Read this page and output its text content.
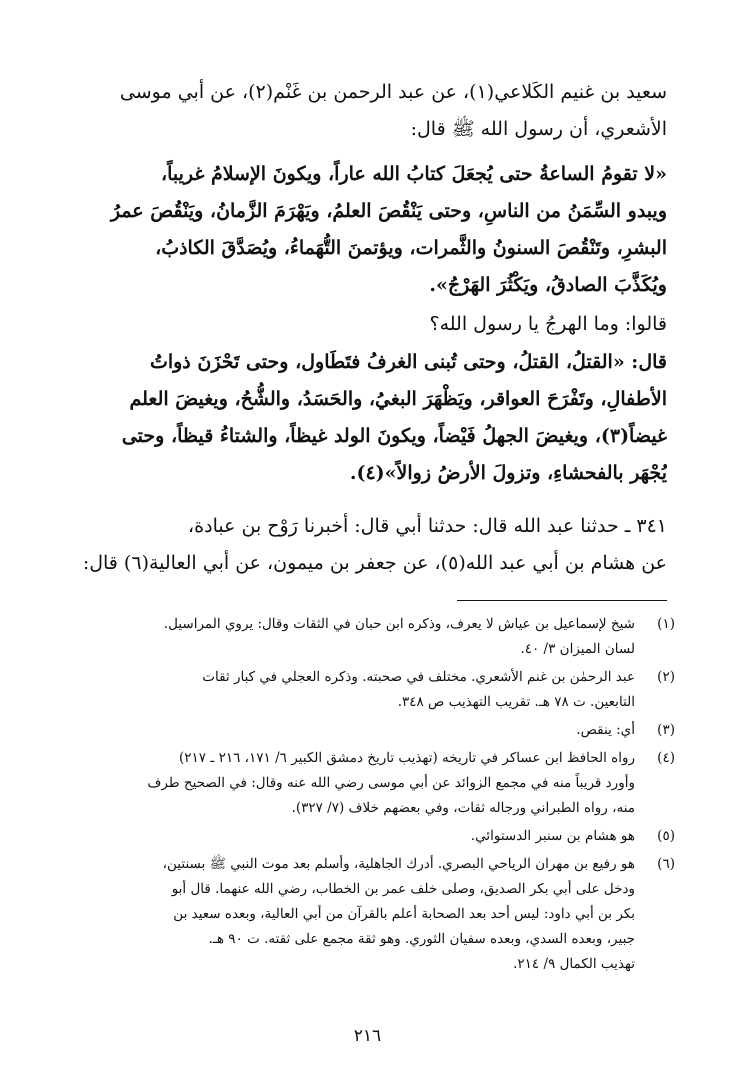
سعيد بن غنيم الكَلاعي(١)، عن عبد الرحمن بن غَنْم(٢)، عن أبي موسى
الأشعري، أن رسول الله ﷺ قال:
«لا تقومُ الساعةُ حتى يُجعَلَ كتابُ الله عاراً، ويكونَ الإسلامُ غريباً،
ويبدو السِّمَنُ من الناسِ، وحتى يَنْقُصَ العلمُ، ويَهْرَمَ الزَّمانُ، ويَنْقُصَ عمرُ
البشرِ، وتَنْقُصَ السنونُ والثَّمرات، ويؤتمنَ التُّهَماءُ، ويُصَدَّقَ الكاذبُ،
ويُكَذَّبَ الصادقُ، ويَكْثُرَ الهَرْجُ».
قالوا: وما الهرجُ يا رسول الله؟
قال: «القتلُ، القتلُ، وحتى تُبنى الغرفُ فتَطَاول، وحتى تَحْزَنَ ذواتُ
الأطفالِ، وتَفْرَحَ العواقر، ويَظْهَرَ البغيُ، والحَسَدُ، والشُّحُ، ويغيضَ العلم
غيضاً(٣)، ويغيضَ الجهلُ فَيْضاً، ويكونَ الولد غيظاً، والشتاءُ قيظاً، وحتى
يُجْهَر بالفحشاءِ، وتزولَ الأرضُ زوالاً»(٤).
٣٤١ ـ حدثنا عبد الله قال: حدثنا أبي قال: أخبرنا رَوْح بن عبادة،
عن هشام بن أبي عبد الله(٥)، عن جعفر بن ميمون، عن أبي العالية(٦) قال:
(١)
شيخ لإسماعيل بن عياش لا يعرف، وذكره ابن حبان في الثقات وقال: يروي المراسيل.
لسان الميزان ٣/ ٤٠.
(٢)
عبد الرحمٰن بن غنم الأشعري. مختلف في صحبته. وذكره العجلي في كبار ثقات
التابعين. ت ٧٨ هـ. تقريب التهذيب ص ٣٤٨.
(٣)
أي: ينقص.
(٤)
رواه الحافظ ابن عساكر في تاريخه (تهذيب تاريخ دمشق الكبير ٦/ ١٧١، ٢١٦ ـ ٢١٧)
وأورد قريباً منه في مجمع الزوائد عن أبي موسى رضي الله عنه وقال: في الصحيح طرف
منه، رواه الطبراني ورجاله ثقات، وفي بعضهم خلاف (٧/ ٣٢٧).
(٥)
هو هشام بن سنبر الدستوائي.
(٦)
هو رفيع بن مهران الرياحي البصري. أدرك الجاهلية، وأسلم بعد موت النبي ﷺ بسنتين،
ودخل على أبي بكر الصديق، وصلى خلف عمر بن الخطاب، رضي الله عنهما. قال أبو
بكر بن أبي داود: ليس أحد بعد الصحابة أعلم بالقرآن من أبي العالية، وبعده سعيد بن
جبير، وبعده السدي، وبعده سفيان الثوري. وهو ثقة مجمع على ثقته. ت ٩٠ هـ.
تهذيب الكمال ٩/ ٢١٤.
٢١٦
